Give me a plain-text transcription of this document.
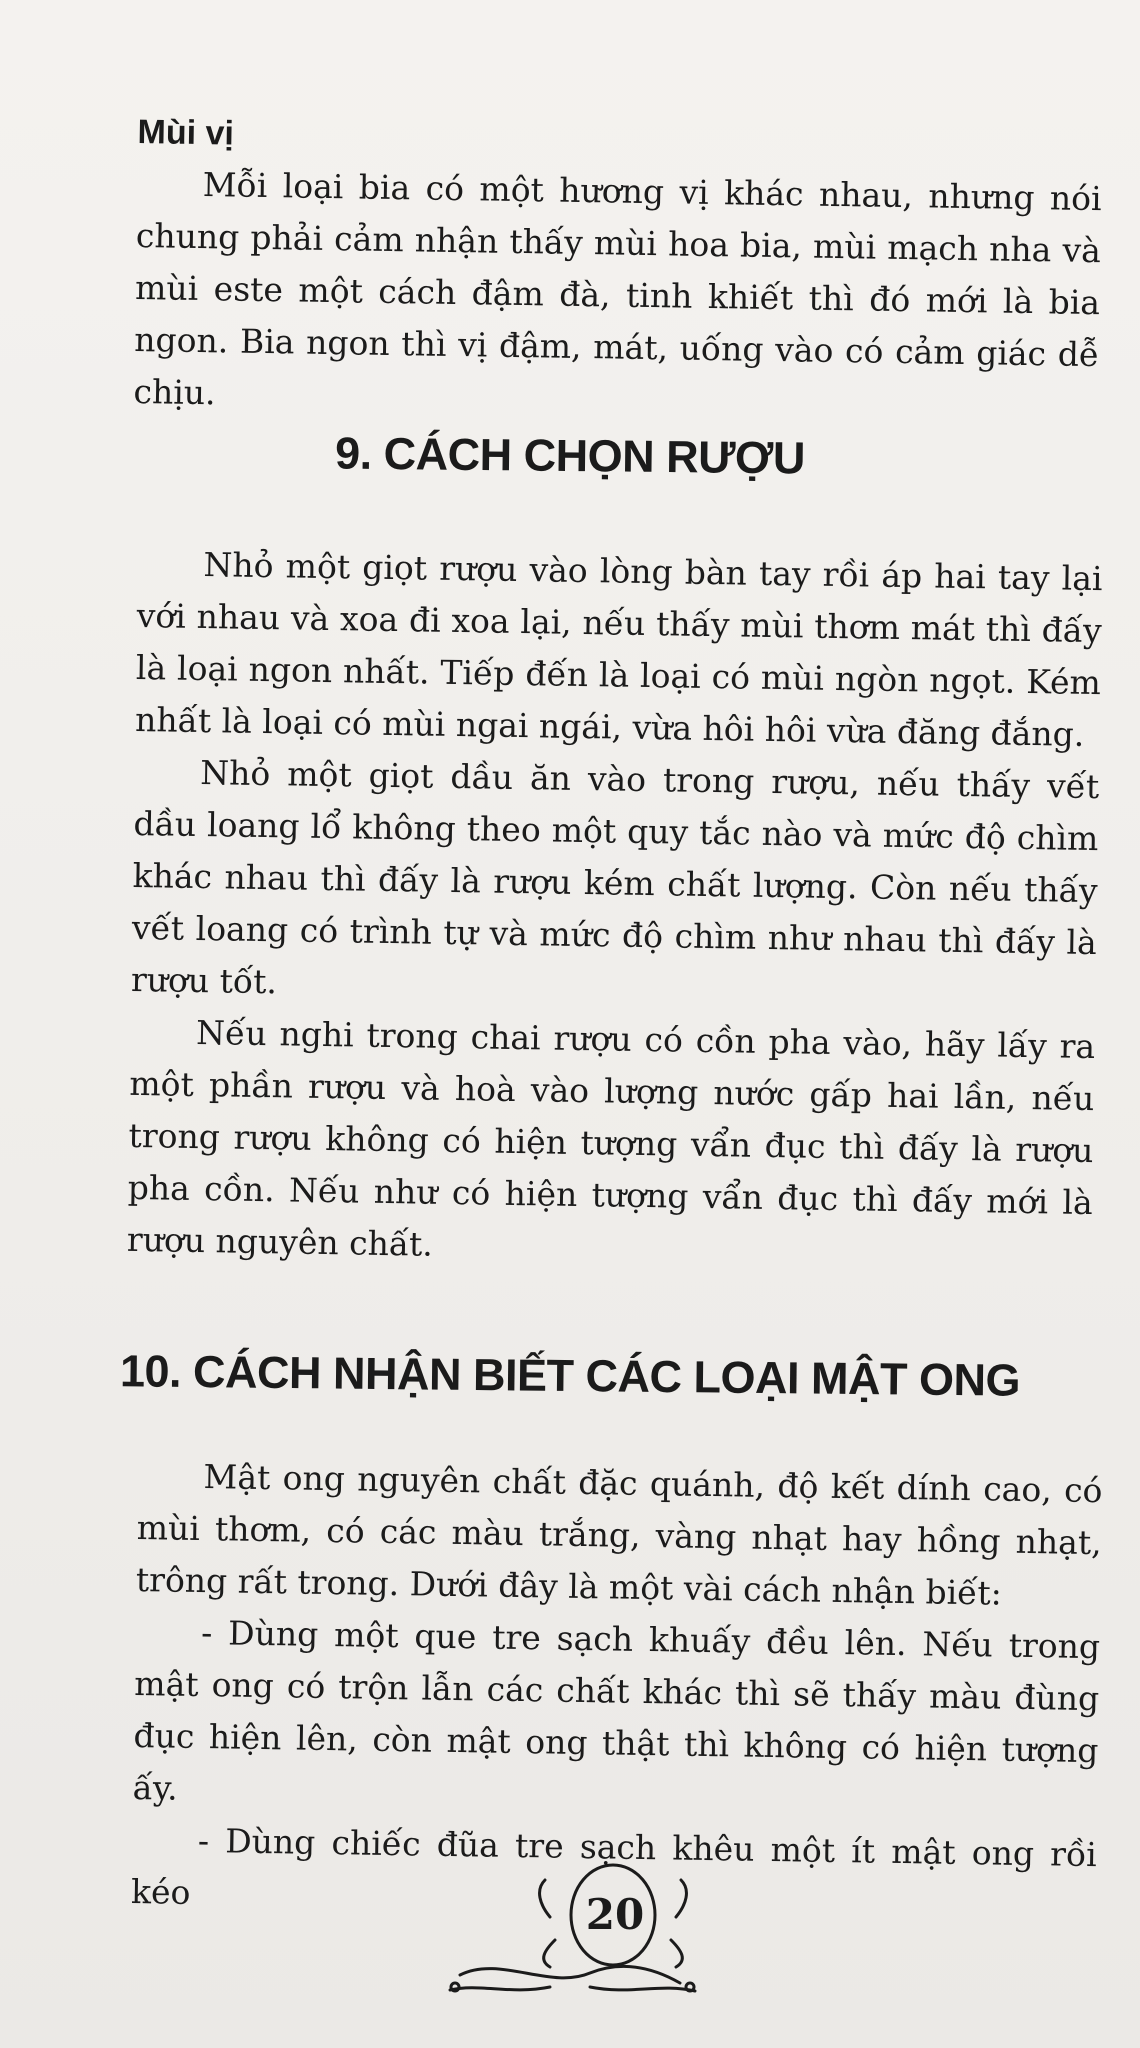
Mùi vị

Mỗi loại bia có một hương vị khác nhau, nhưng nói chung phải cảm nhận thấy mùi hoa bia, mùi mạch nha và mùi este một cách đậm đà, tinh khiết thì đó mới là bia ngon. Bia ngon thì vị đậm, mát, uống vào có cảm giác dễ chịu.

9. CÁCH CHỌN RƯỢU

Nhỏ một giọt rượu vào lòng bàn tay rồi áp hai tay lại với nhau và xoa đi xoa lại, nếu thấy mùi thơm mát thì đấy là loại ngon nhất. Tiếp đến là loại có mùi ngòn ngọt. Kém nhất là loại có mùi ngai ngái, vừa hôi hôi vừa đăng đắng.

Nhỏ một giọt dầu ăn vào trong rượu, nếu thấy vết dầu loang lổ không theo một quy tắc nào và mức độ chìm khác nhau thì đấy là rượu kém chất lượng. Còn nếu thấy vết loang có trình tự và mức độ chìm như nhau thì đấy là rượu tốt.

Nếu nghi trong chai rượu có cồn pha vào, hãy lấy ra một phần rượu và hoà vào lượng nước gấp hai lần, nếu trong rượu không có hiện tượng vẩn đục thì đấy là rượu pha cồn. Nếu như có hiện tượng vẩn đục thì đấy mới là rượu nguyên chất.

10. CÁCH NHẬN BIẾT CÁC LOẠI MẬT ONG

Mật ong nguyên chất đặc quánh, độ kết dính cao, có mùi thơm, có các màu trắng, vàng nhạt hay hồng nhạt, trông rất trong. Dưới đây là một vài cách nhận biết:

- Dùng một que tre sạch khuấy đều lên. Nếu trong mật ong có trộn lẫn các chất khác thì sẽ thấy màu đùng đục hiện lên, còn mật ong thật thì không có hiện tượng ấy.

- Dùng chiếc đũa tre sạch khêu một ít mật ong rồi kéo	20
